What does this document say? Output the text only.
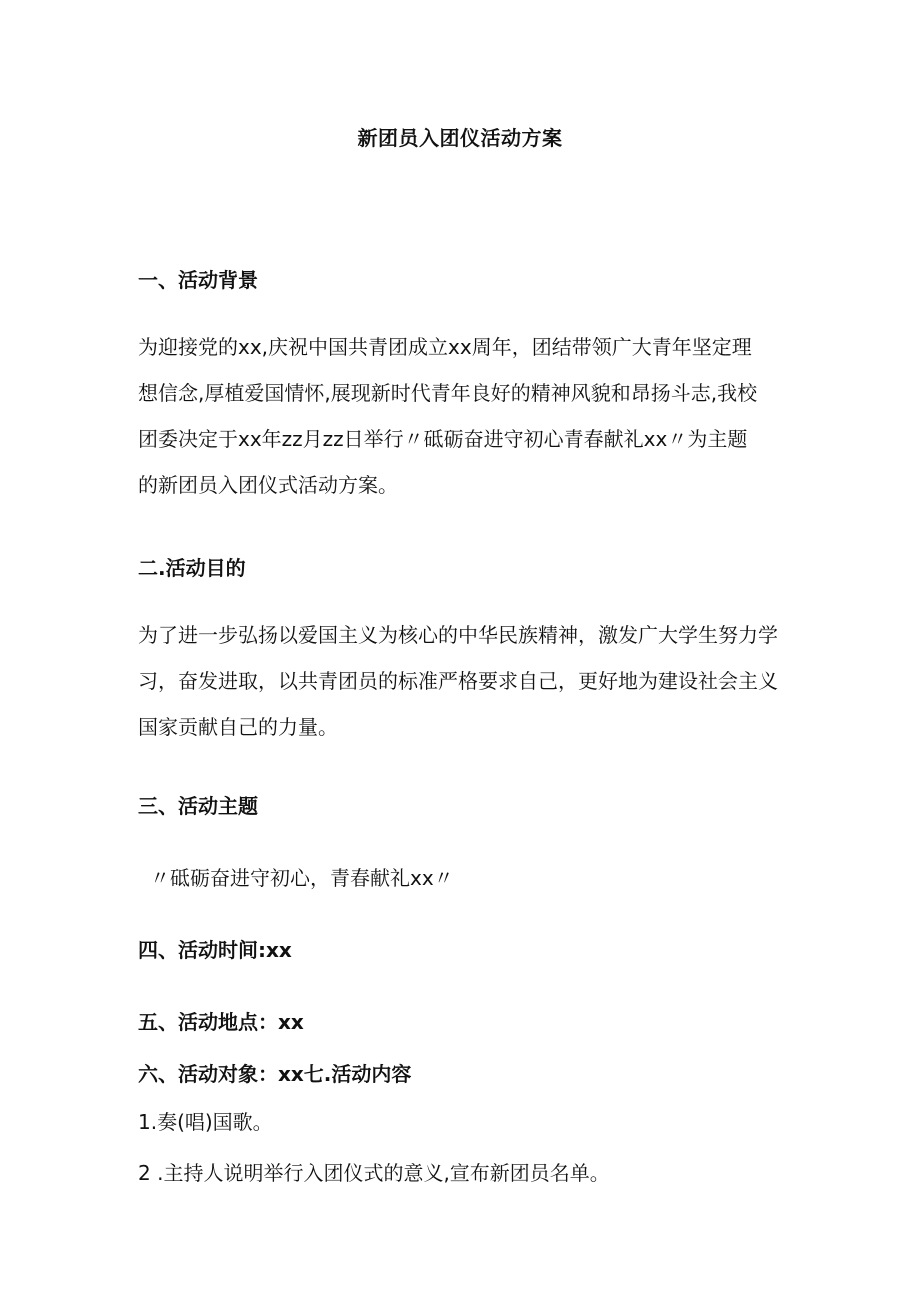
新团员入团仪活动方案
一、活动背景
为迎接党的xx,庆祝中国共青团成立xx周年，团结带领广大青年坚定理
想信念,厚植爱国情怀,展现新时代青年良好的精神风貌和昂扬斗志,我校
团委决定于xx年zz月zz日举行〃砥砺奋进守初心青春献礼xx〃为主题
的新团员入团仪式活动方案。
二.活动目的
为了进一步弘扬以爱国主义为核心的中华民族精神，激发广大学生努力学
习，奋发进取，以共青团员的标准严格要求自己，更好地为建设社会主义
国家贡献自己的力量。
三、活动主题
〃砥砺奋进守初心，青春献礼xx〃
四、活动时间:xx
五、活动地点：xx
六、活动对象：xx七.活动内容
1.奏(唱)国歌。
2 .主持人说明举行入团仪式的意义,宣布新团员名单。
